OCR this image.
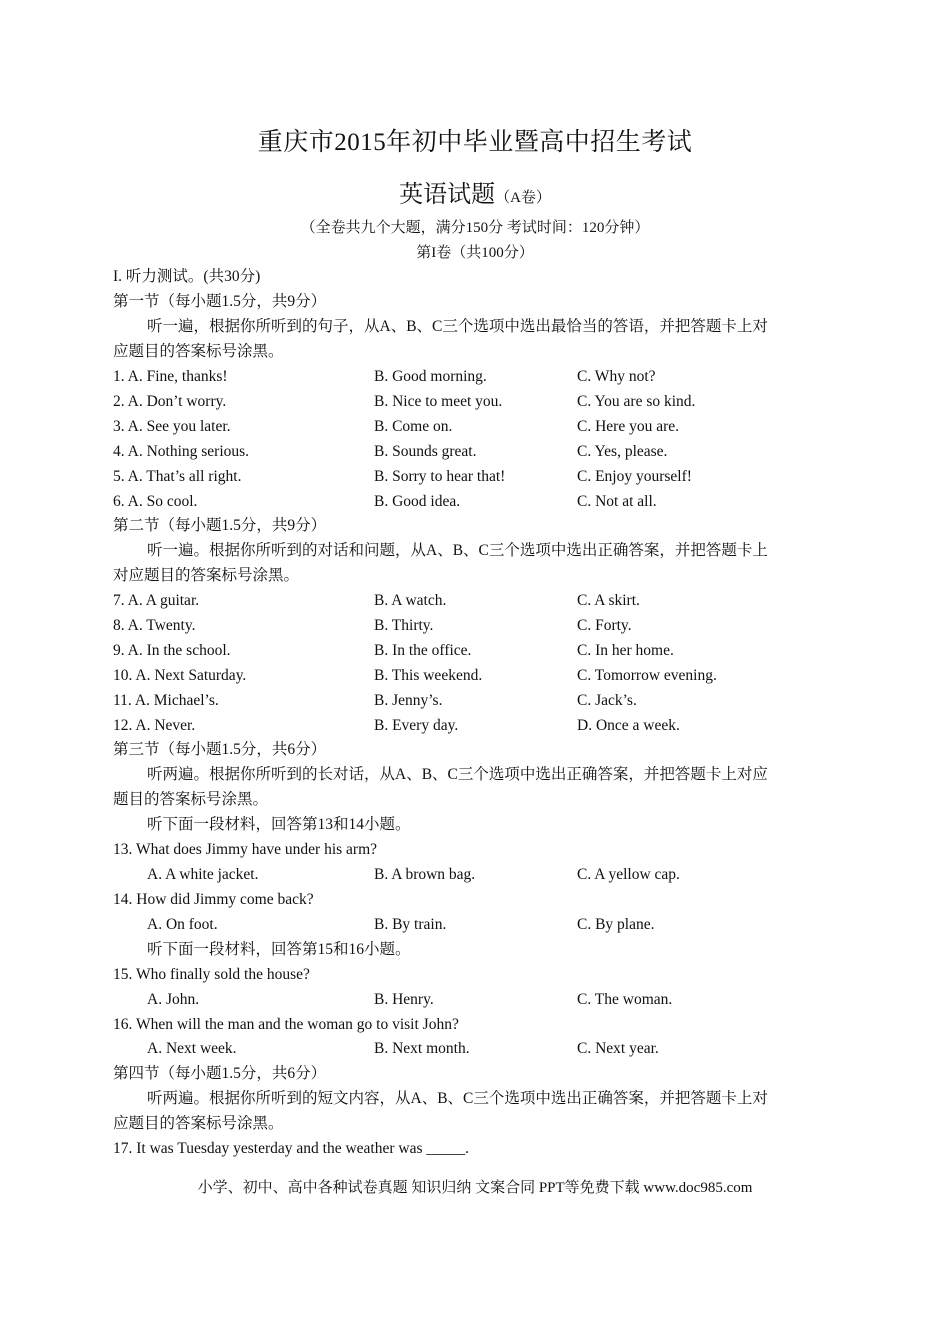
重庆市2015年初中毕业暨高中招生考试
英语试题（A卷）
（全卷共九个大题，满分150分 考试时间：120分钟）
第I卷（共100分）
I. 听力测试。(共30分)
第一节（每小题1.5分，共9分）
听一遍，根据你所听到的句子，从A、B、C三个选项中选出最恰当的答语，并把答题卡上对
应题目的答案标号涂黑。
1. A. Fine, thanks!	B. Good morning.	C. Why not?
2. A. Don’t worry.	B. Nice to meet you.	C. You are so kind.
3. A. See you later.	B. Come on.	C. Here you are.
4. A. Nothing serious.	B. Sounds great.	C. Yes, please.
5. A. That’s all right.	B. Sorry to hear that!	C. Enjoy yourself!
6. A. So cool.	B. Good idea.	C. Not at all.
第二节（每小题1.5分，共9分）
听一遍。根据你所听到的对话和问题，从A、B、C三个选项中选出正确答案，并把答题卡上
对应题目的答案标号涂黑。
7. A. A guitar.	B. A watch.	C. A skirt.
8. A. Twenty.	B. Thirty.	C. Forty.
9. A. In the school.	B. In the office.	C. In her home.
10. A. Next Saturday.	B. This weekend.	C. Tomorrow evening.
11. A. Michael’s.	B. Jenny’s.	C. Jack’s.
12. A. Never.	B. Every day.	D. Once a week.
第三节（每小题1.5分，共6分）
听两遍。根据你所听到的长对话，从A、B、C三个选项中选出正确答案，并把答题卡上对应
题目的答案标号涂黑。
听下面一段材料，回答第13和14小题。
13. What does Jimmy have under his arm?
A. A white jacket.	B. A brown bag.	C. A yellow cap.
14. How did Jimmy come back?
A. On foot.	B. By train.	C. By plane.
听下面一段材料，回答第15和16小题。
15. Who finally sold the house?
A. John.	B. Henry.	C. The woman.
16. When will the man and the woman go to visit John?
A. Next week.	B. Next month.	C. Next year.
第四节（每小题1.5分，共6分）
听两遍。根据你所听到的短文内容，从A、B、C三个选项中选出正确答案，并把答题卡上对
应题目的答案标号涂黑。
17. It was Tuesday yesterday and the weather was _____.
小学、初中、高中各种试卷真题 知识归纳 文案合同 PPT等免费下载 www.doc985.com
